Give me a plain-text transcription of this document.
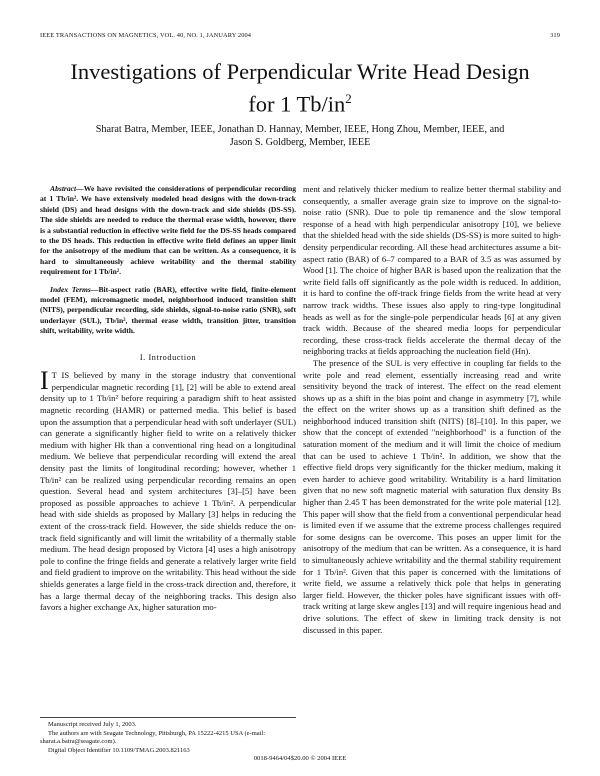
IEEE TRANSACTIONS ON MAGNETICS, VOL. 40, NO. 1, JANUARY 2004	319
Investigations of Perpendicular Write Head Design
for 1 $Tb/in^2$
Sharat Batra, Member, IEEE, Jonathan D. Hannay, Member, IEEE, Hong Zhou, Member, IEEE, and
Jason S. Goldberg, Member, IEEE

Abstract—We have revisited the considerations of perpendicular recording at 1 Tb/in². We have extensively modeled head designs with the down-track shield (DS) and head designs with the down-track and side shields (DS-SS). The side shields are needed to reduce the thermal erase width, however, there is a substantial reduction in effective write field for the DS-SS heads compared to the DS heads. This reduction in effective write field defines an upper limit for the anisotropy of the medium that can be written. As a consequence, it is hard to simultaneously achieve writability and the thermal stability requirement for 1 Tb/in².

Index Terms—Bit-aspect ratio (BAR), effective write field, finite-element model (FEM), micromagnetic model, neighborhood induced transition shift (NITS), perpendicular recording, side shields, signal-to-noise ratio (SNR), soft underlayer (SUL), Tb/in², thermal erase width, transition jitter, transition shift, writability, write width.

I. Introduction

I T IS believed by many in the storage industry that conventional perpendicular magnetic recording [1], [2] will be able to extend areal density up to 1 Tb/in² before requiring a paradigm shift to heat assisted magnetic recording (HAMR) or patterned media. This belief is based upon the assumption that a perpendicular head with soft underlayer (SUL) can generate a significantly higher field to write on a relatively thicker medium with higher Hk than a conventional ring head on a longitudinal medium. We believe that perpendicular recording will extend the areal density past the limits of longitudinal recording; however, whether 1 Tb/in² can be realized using perpendicular recording remains an open question. Several head and system architectures [3]–[5] have been proposed as possible approaches to achieve 1 Tb/in². A perpendicular head with side shields as proposed by Mallary [3] helps in reducing the extent of the cross-track field. However, the side shields reduce the on-track field significantly and will limit the writability of a thermally stable medium. The head design proposed by Victora [4] uses a high anisotropy pole to confine the fringe fields and generate a relatively larger write field and field gradient to improve on the writability. This head without the side shields generates a large field in the cross-track direction and, therefore, it has a large thermal decay of the neighboring tracks. This design also favors a higher exchange Ax, higher saturation mo-

ment and relatively thicker medium to realize better thermal stability and consequently, a smaller average grain size to improve on the signal-to-noise ratio (SNR). Due to pole tip remanence and the slow temporal response of a head with high perpendicular anisotropy [10], we believe that the shielded head with the side shields (DS-SS) is more suited to high-density perpendicular recording. All these head architectures assume a bit-aspect ratio (BAR) of 6–7 compared to a BAR of 3.5 as was assumed by Wood [1]. The choice of higher BAR is based upon the realization that the write field falls off significantly as the pole width is reduced. In addition, it is hard to confine the off-track fringe fields from the write head at very narrow track widths. These issues also apply to ring-type longitudinal heads as well as for the single-pole perpendicular heads [6] at any given track width. Because of the sheared media loops for perpendicular recording, these cross-track fields accelerate the thermal decay of the neighboring tracks at fields approaching the nucleation field (Hn).

The presence of the SUL is very effective in coupling far fields to the write pole and read element, essentially increasing read and write sensitivity beyond the track of interest. The effect on the read element shows up as a shift in the bias point and change in asymmetry [7], while the effect on the writer shows up as a transition shift defined as the neighborhood induced transition shift (NITS) [8]–[10]. In this paper, we show that the concept of extended "neighborhood" is a function of the saturation moment of the medium and it will limit the choice of medium that can be used to achieve 1 Tb/in². In addition, we show that the effective field drops very significantly for the thicker medium, making it even harder to achieve good writability. Writability is a hard limitation given that no new soft magnetic material with saturation flux density Bs higher than 2.45 T has been demonstrated for the write pole material [12]. This paper will show that the field from a conventional perpendicular head is limited even if we assume that the extreme process challenges required for some designs can be overcome. This poses an upper limit for the anisotropy of the medium that can be written. As a consequence, it is hard to simultaneously achieve writability and the thermal stability requirement for 1 Tb/in². Given that this paper is concerned with the limitations of write field, we assume a relatively thick pole that helps in generating larger field. However, the thicker poles have significant issues with off-track writing at large skew angles [13] and will require ingenious head and drive solutions. The effect of skew in limiting track density is not discussed in this paper.

Manuscript received July 1, 2003.
The authors are with Seagate Technology, Pittsburgh, PA 15222-4215 USA (e-mail: sharat.a.batra@seagate.com).
Digital Object Identifier 10.1109/TMAG.2003.821163
0018-9464/04$20.00 © 2004 IEEE
